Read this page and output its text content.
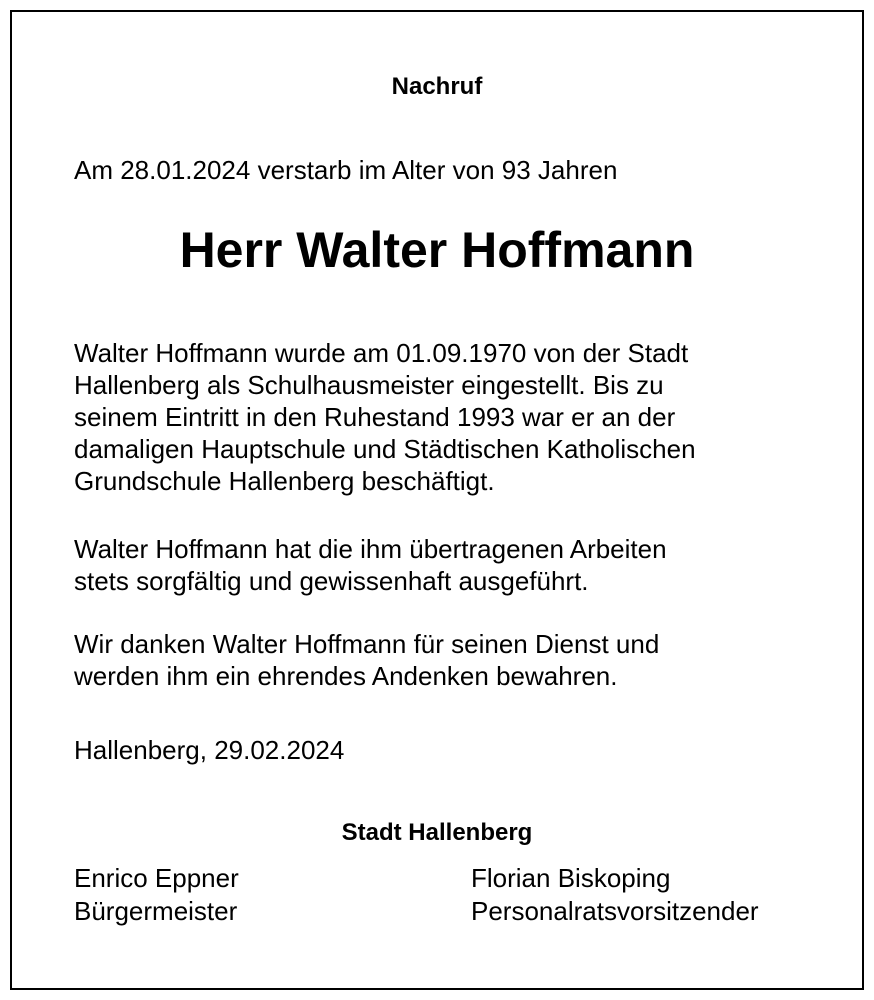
Nachruf
Am 28.01.2024 verstarb im Alter von 93 Jahren
Herr Walter Hoffmann
Walter Hoffmann wurde am 01.09.1970 von der Stadt
Hallenberg als Schulhausmeister eingestellt. Bis zu
seinem Eintritt in den Ruhestand 1993 war er an der
damaligen Hauptschule und Städtischen Katholischen
Grundschule Hallenberg beschäftigt.
Walter Hoffmann hat die ihm übertragenen Arbeiten
stets sorgfältig und gewissenhaft ausgeführt.
Wir danken Walter Hoffmann für seinen Dienst und
werden ihm ein ehrendes Andenken bewahren.
Hallenberg, 29.02.2024
Stadt Hallenberg
Enrico Eppner
Bürgermeister
Florian Biskoping
Personalratsvorsitzender
